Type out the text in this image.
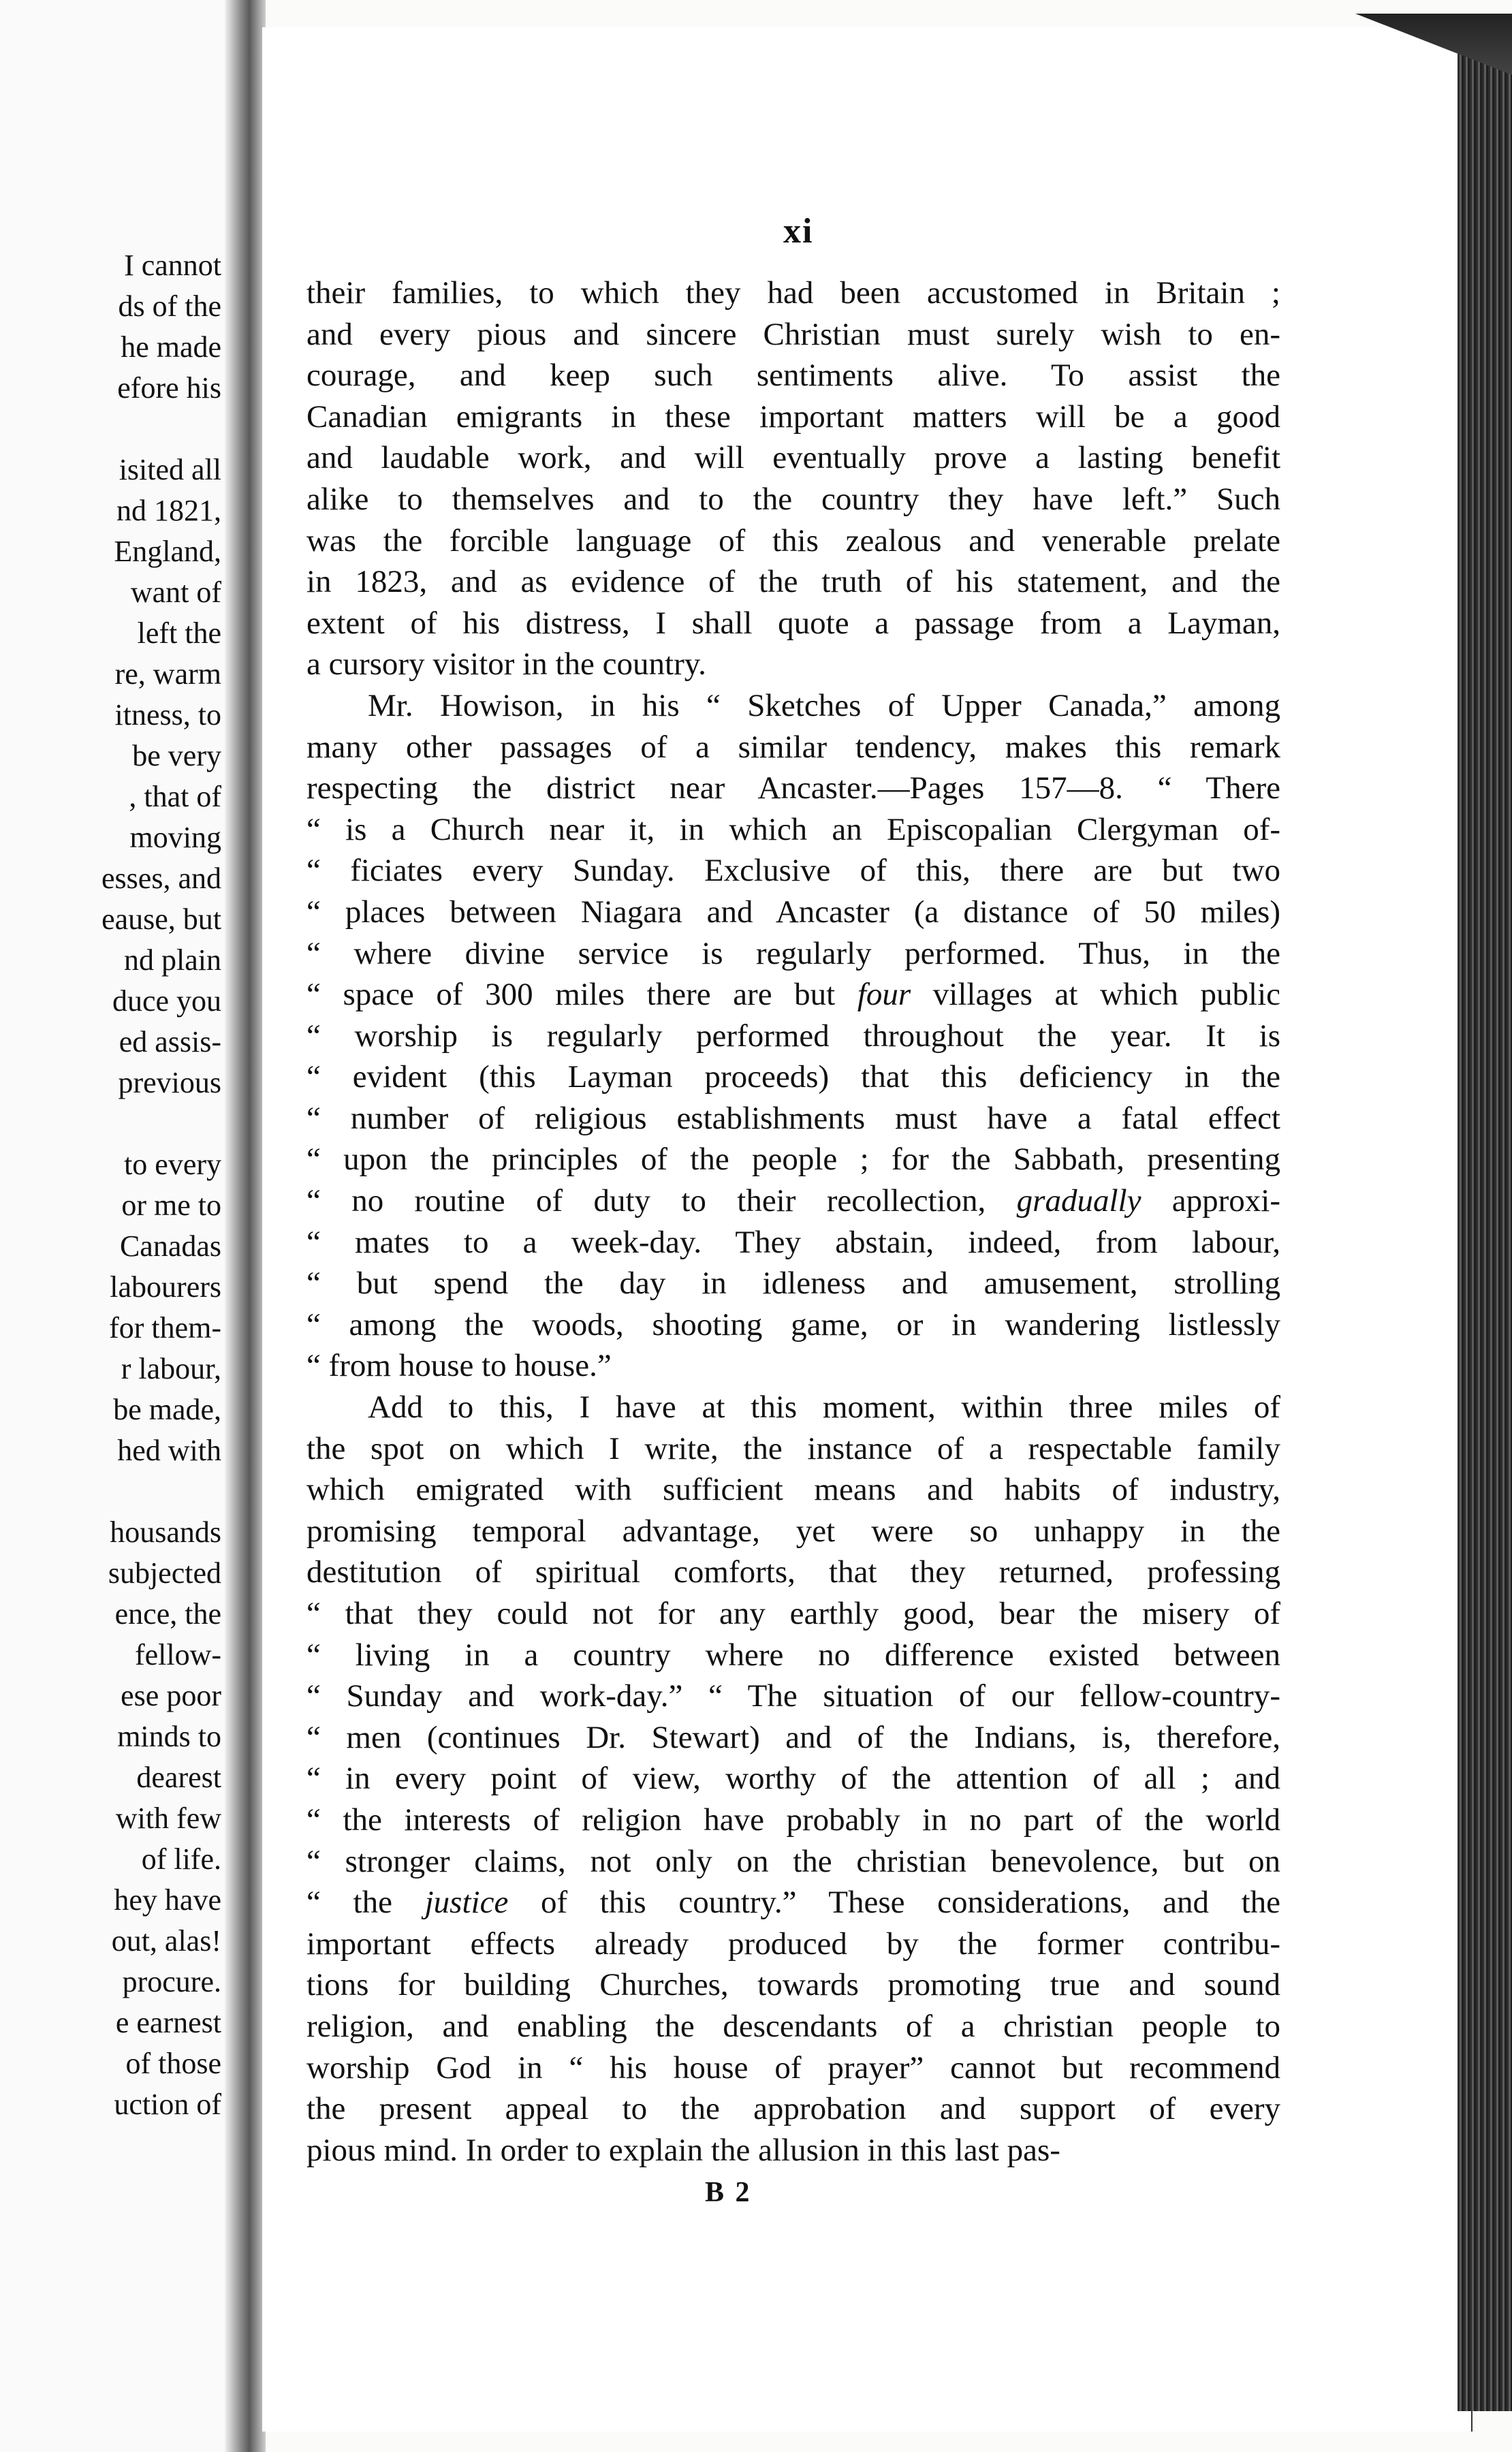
I cannot
ds of the
he made
efore his
isited all
nd 1821,
England,
want of
left the
re, warm
itness, to
be very
, that of
moving
esses, and
eause, but
nd plain
duce you
ed assis-
previous
to every
or me to
Canadas
labourers
for them-
r labour,
be made,
hed with
housands
subjected
ence, the
fellow-
ese poor
minds to
dearest
with few
of life.
hey have
out, alas!
procure.
e earnest
of those
uction of
xi
their families, to which they had been accustomed in Britain ;
and every pious and sincere Christian must surely wish to en-
courage, and keep such sentiments alive. To assist the
Canadian emigrants in these important matters will be a good
and laudable work, and will eventually prove a lasting benefit
alike to themselves and to the country they have left.” Such
was the forcible language of this zealous and venerable prelate
in 1823, and as evidence of the truth of his statement, and the
extent of his distress, I shall quote a passage from a Layman,
a cursory visitor in the country.
Mr. Howison, in his “ Sketches of Upper Canada,” among
many other passages of a similar tendency, makes this remark
respecting the district near Ancaster.—Pages 157—8. “ There
“ is a Church near it, in which an Episcopalian Clergyman of-
“ ficiates every Sunday. Exclusive of this, there are but two
“ places between Niagara and Ancaster (a distance of 50 miles)
“ where divine service is regularly performed. Thus, in the
“ space of 300 miles there are but four villages at which public
“ worship is regularly performed throughout the year. It is
“ evident (this Layman proceeds) that this deficiency in the
“ number of religious establishments must have a fatal effect
“ upon the principles of the people ; for the Sabbath, presenting
“ no routine of duty to their recollection, gradually approxi-
“ mates to a week-day. They abstain, indeed, from labour,
“ but spend the day in idleness and amusement, strolling
“ among the woods, shooting game, or in wandering listlessly
“ from house to house.”
Add to this, I have at this moment, within three miles of
the spot on which I write, the instance of a respectable family
which emigrated with sufficient means and habits of industry,
promising temporal advantage, yet were so unhappy in the
destitution of spiritual comforts, that they returned, professing
“ that they could not for any earthly good, bear the misery of
“ living in a country where no difference existed between
“ Sunday and work-day.” “ The situation of our fellow-country-
“ men (continues Dr. Stewart) and of the Indians, is, therefore,
“ in every point of view, worthy of the attention of all ; and
“ the interests of religion have probably in no part of the world
“ stronger claims, not only on the christian benevolence, but on
“ the justice of this country.” These considerations, and the
important effects already produced by the former contribu-
tions for building Churches, towards promoting true and sound
religion, and enabling the descendants of a christian people to
worship God in “ his house of prayer” cannot but recommend
the present appeal to the approbation and support of every
pious mind. In order to explain the allusion in this last pas-
B 2
